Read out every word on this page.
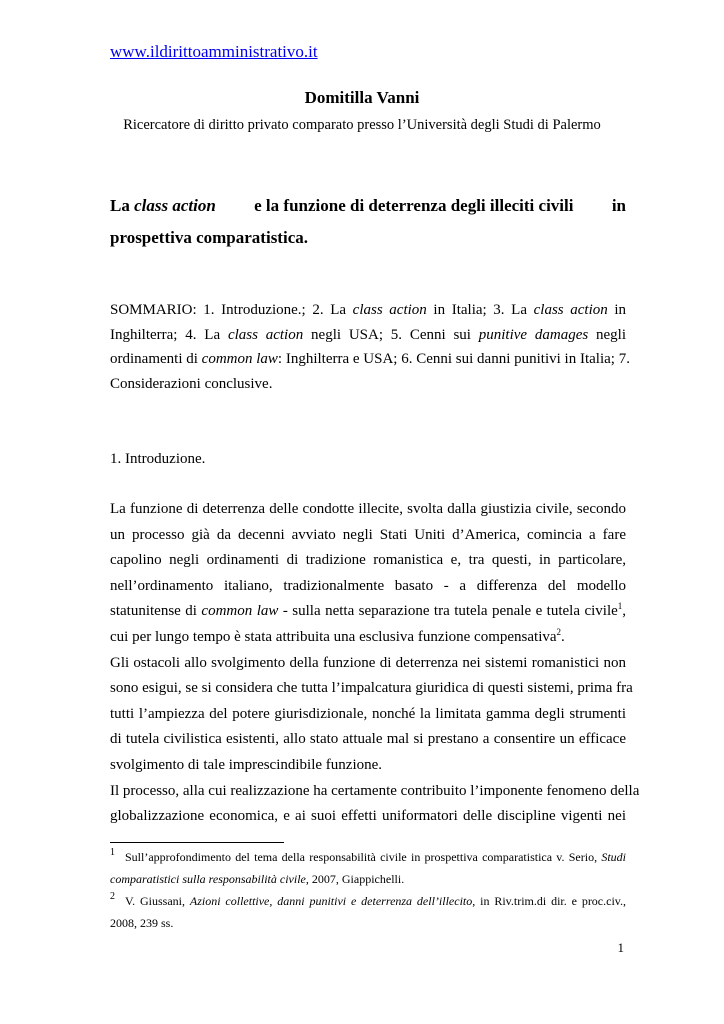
www.ildirittoamministrativo.it
Domitilla Vanni
Ricercatore di diritto privato comparato presso l’Università degli Studi di Palermo
La class action e la funzione di deterrenza degli illeciti civili in
prospettiva comparatistica.
SOMMARIO: 1. Introduzione.; 2. La class action in Italia; 3. La class action in
Inghilterra; 4. La class action negli USA; 5. Cenni sui punitive damages negli
ordinamenti di common law: Inghilterra e USA; 6. Cenni sui danni punitivi in Italia; 7.
Considerazioni conclusive.
1. Introduzione.

La funzione di deterrenza delle condotte illecite, svolta dalla giustizia civile, secondo
un processo già da decenni avviato negli Stati Uniti d’America, comincia a fare
capolino negli ordinamenti di tradizione romanistica e, tra questi, in particolare,
nell’ordinamento italiano, tradizionalmente basato - a differenza del modello
statunitense di common law - sulla netta separazione tra tutela penale e tutela civile$^1$,
cui per lungo tempo è stata attribuita una esclusiva funzione compensativa$^2$.

Gli ostacoli allo svolgimento della funzione di deterrenza nei sistemi romanistici non
sono esigui, se si considera che tutta l’impalcatura giuridica di questi sistemi, prima fra
tutti l’ampiezza del potere giurisdizionale, nonché la limitata gamma degli strumenti
di tutela civilistica esistenti, allo stato attuale mal si prestano a consentire un efficace
svolgimento di tale imprescindibile funzione.

Il processo, alla cui realizzazione ha certamente contribuito l’imponente fenomeno della
globalizzazione economica, e ai suoi effetti uniformatori delle discipline vigenti nei

$^1$ Sull’approfondimento del tema della responsabilità civile in prospettiva comparatistica v. Serio, Studi comparatistici sulla responsabilità civile, 2007, Giappichelli.
$^2$ V. Giussani, Azioni collettive, danni punitivi e deterrenza dell’illecito, in Riv.trim.di dir. e proc.civ., 2008, 239 ss.
1
